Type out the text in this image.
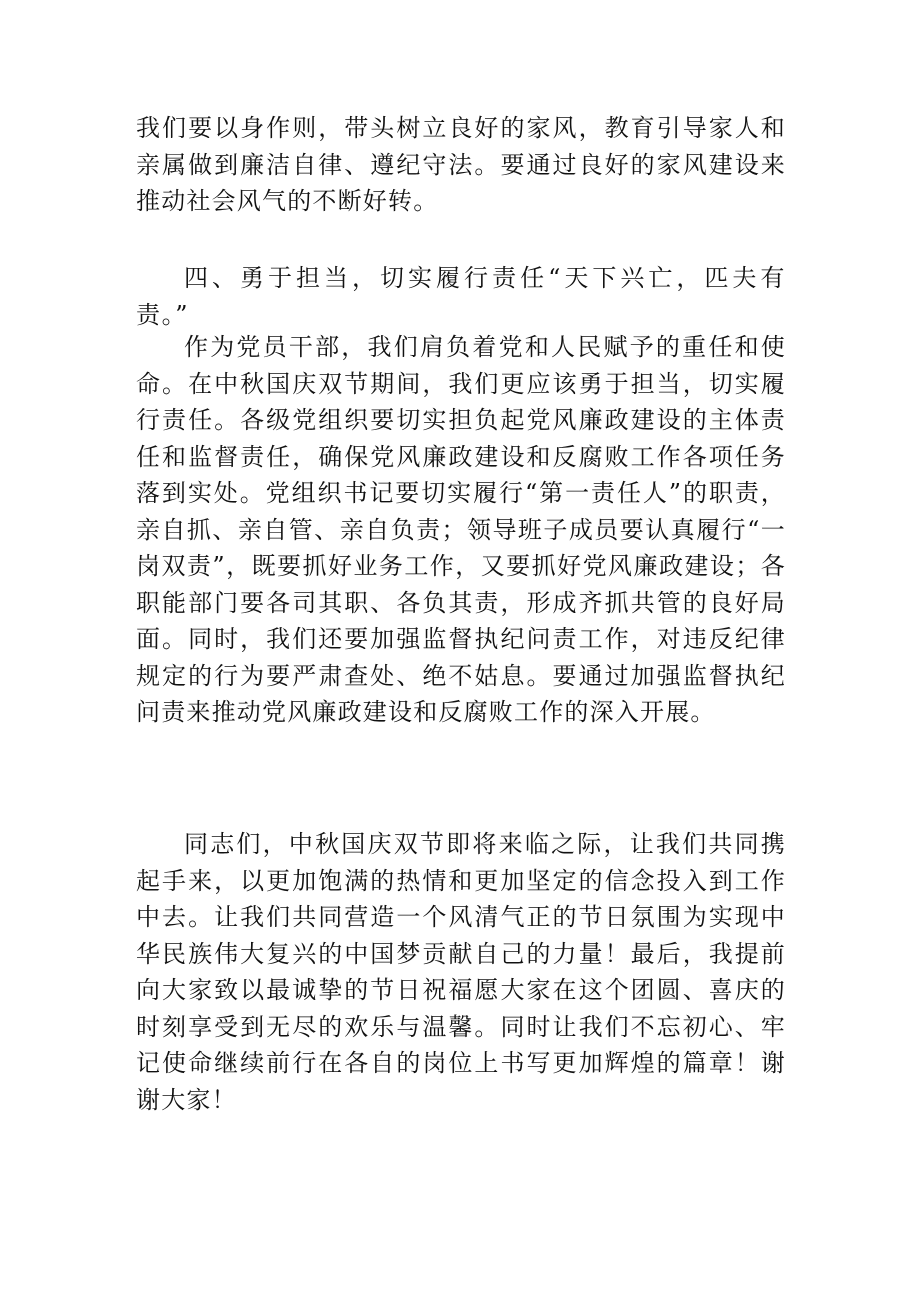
我们要以身作则，带头树立良好的家风，教育引导家人和亲属做到廉洁自律、遵纪守法。要通过良好的家风建设来推动社会风气的不断好转。

四、勇于担当，切实履行责任“天下兴亡，匹夫有责。”

作为党员干部，我们肩负着党和人民赋予的重任和使命。在中秋国庆双节期间，我们更应该勇于担当，切实履行责任。各级党组织要切实担负起党风廉政建设的主体责任和监督责任，确保党风廉政建设和反腐败工作各项任务落到实处。党组织书记要切实履行“第一责任人”的职责，亲自抓、亲自管、亲自负责；领导班子成员要认真履行“一岗双责”，既要抓好业务工作，又要抓好党风廉政建设；各职能部门要各司其职、各负其责，形成齐抓共管的良好局面。同时，我们还要加强监督执纪问责工作，对违反纪律规定的行为要严肃查处、绝不姑息。要通过加强监督执纪问责来推动党风廉政建设和反腐败工作的深入开展。

同志们，中秋国庆双节即将来临之际，让我们共同携起手来，以更加饱满的热情和更加坚定的信念投入到工作中去。让我们共同营造一个风清气正的节日氛围为实现中华民族伟大复兴的中国梦贡献自己的力量！最后，我提前向大家致以最诚挚的节日祝福愿大家在这个团圆、喜庆的时刻享受到无尽的欢乐与温馨。同时让我们不忘初心、牢记使命继续前行在各自的岗位上书写更加辉煌的篇章！谢谢大家！
